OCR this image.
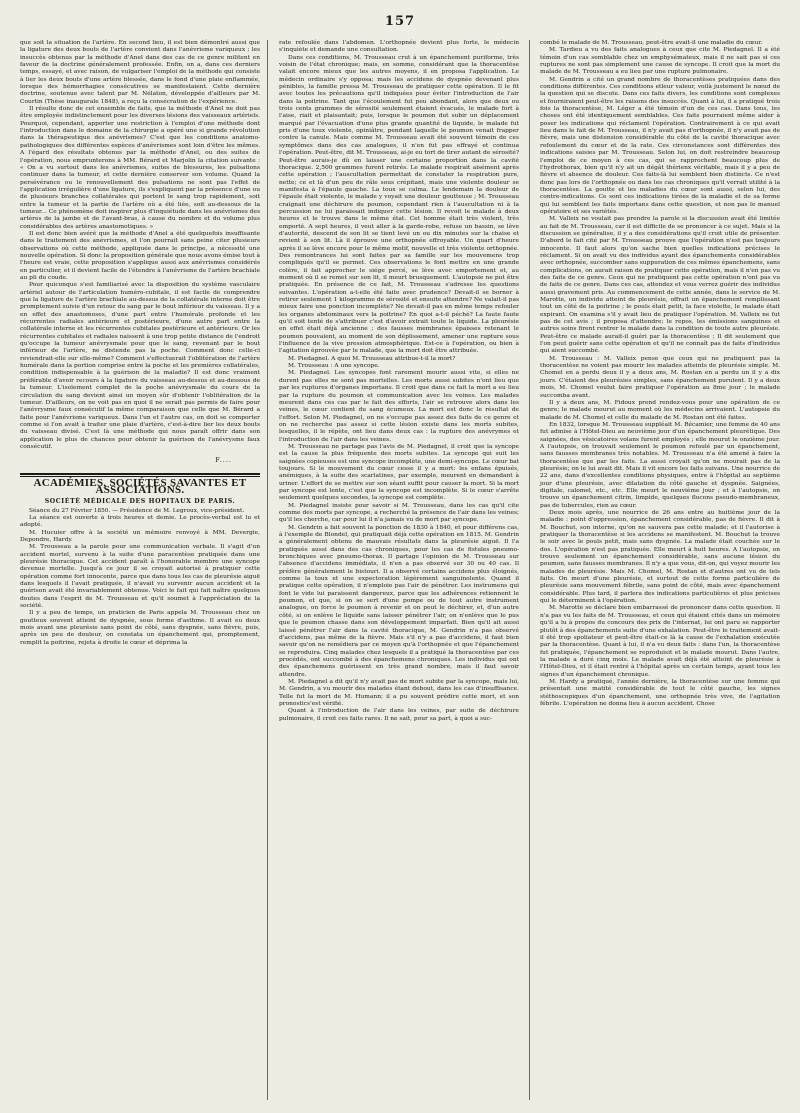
157

que soit la situation de l'artère. En second lieu, il est bien démontré aussi que la ligature des deux bouts de l'artère convient dans l'anévrisme variqueux ; les insuccès obtenus par la méthode d'Anel dans des cas de ce genre militent en faveur de la doctrine généralement professée. Enfin, on a, dans ces derniers temps, essayé, et avec raison, de vulgariser l'emploi de la méthode qui consiste à lier les deux bouts d'une artère blessée, dans le fond d'une plaie enflammée, lorsque des hémorrhagies consécutives se manifestaient. Cette dernière doctrine, soutenue avec talent par M. Nélaton, développée d'ailleurs par M. Courtin (Thèse inaugurale 1848), a reçu la consécration de l'expérience.

Il résulte donc de cet ensemble de faits, que la méthode d'Anel ne doit pas être employée indistinctement pour les diverses lésions des vaisseaux artériels. Pourquoi, cependant, apporter une restriction à l'emploi d'une méthode dont l'introduction dans le domaine de la chirurgie a opéré une si grande révolution dans la thérapeutique des anévrismes? C'est que les conditions anatomo-pathologiques des différentes espèces d'anévrismes sont loin d'être les mêmes. A l'égard des résultats obtenus par la méthode d'Anel, ou des suites de l'opération, nous emprunterons à MM. Bérard et Marjolin la citation suivante : « On a vu surtout dans les anévrismes, suites de blessures, les pulsations continuer dans la tumeur, et cette dernière conserver son volume. Quand la persévérance ou le renouvellement des pulsations ne sont pas l'effet de l'application irrégulière d'une ligature, ils s'expliquent par la présence d'une ou de plusieurs branches collatérales qui portent le sang trop rapidement, soit entre la tumeur et la partie de l'artère où a été liée, soit au-dessous de la tumeur... Ce phénomène doit inspirer plus d'inquiétude dans les anévrismes des artères de la jambe et de l'avant-bras, à cause du nombre et du volume plus considérables des artères anastomotiques. »

Il est donc bien avéré que la méthode d'Anel a été quelquefois insuffisante dans le traitement des anévrismes, et l'on pourrait sans peine citer plusieurs observations où cette méthode, appliquée dans le principe, a nécessité une nouvelle opération. Si donc la proposition générale que nous avons émise tout à l'heure est vraie, cette proposition s'applique aussi aux anévrismes considérés en particulier, et il devient facile de l'étendre à l'anévrisme de l'artère brachiale au pli du coude.

Pour quiconque s'est familiarisé avec la disposition du système vasculaire artériel autour de l'articulation huméro-cubitale, il est facile de comprendre que la ligature de l'artère brachiale au-dessus de la collatérale interne doit être promptement suivie d'un retour du sang par le bout inférieur du vaisseau. Il y a en effet des anastomoses, d'une part entre l'humérale profonde et les récurrentes radiales antérieure et postérieure, d'une autre part entre la collatérale interne et les récurrentes cubitales postérieure et antérieure. Or les récurrentes cubitales et radiales naissent à une trop petite distance de l'endroit qu'occupe la tumeur anévrysmale pour que le sang, revenant par le bout inférieur de l'artère, ne distende pas la poche. Comment donc celle-ci reviendrait-elle sur elle-même? Comment s'effectuerait l'oblitération de l'artère humérale dans la portion comprise entre la poche et les premières collatérales, condition indispensable à la guérison de la maladie? Il est donc vraiment préférable d'avoir recours à la ligature du vaisseau au-dessus et au-dessous de la tumeur. L'isolement complet de la poche anévrysmale du cours de la circulation du sang devient ainsi un moyen sûr d'obtenir l'oblitération de la tumeur. D'ailleurs, on ne voit pas en quoi il ne serait pas permis de faire pour l'anévrysme faux consécutif la même comparaison que celle que M. Bérard a faite pour l'anévrisme variqueux. Dans l'un et l'autre cas, on doit se comporter comme si l'on avait à traiter une plaie d'artère, c'est-à-dire lier les deux bouts du vaisseau divisé. C'est là une méthode qui nous paraît offrir dans son application le plus de chances pour obtenir la guérison de l'anévrysme faux consécutif.

F....
ACADÉMIES, SOCIÉTÉS SAVANTES ET ASSOCIATIONS.
SOCIÉTÉ MÉDICALE DES HOPITAUX DE PARIS.

Séance du 27 Février 1850. — Présidence de M. Legroux, vice-président.

La séance est ouverte à trois heures et demie. Le procès-verbal est lu et adopté.

M. Hucuier offre à la société un mémoire renvoyé à MM. Devergie, Depondre, Hardy.

M. Trousseau a la parole pour une communication verbale. Il s'agit d'un accident mortel, survenu à la suite d'une paracentèse pratiquée dans une pleurésie thoracique. Cet accident paraît à l'honorable membre une syncope devenue mortelle. Jusqu'à ce jour il se croyait autorisé à pratiquer cette opération comme fort innocente, parce que dans tous les cas de pleurésie aiguë dans lesquels il l'avait pratiquée, il n'avait vu survenir aucun accident et la guérison avait été invariablement obtenue. Voici le fait qui fait naître quelques doutes dans l'esprit de M. Trousseau et qu'il soumet à l'appréciation de la société.

Il y a peu de temps, un praticien de Paris appela M. Trousseau chez un goutteux souvent atteint de dyspnée, sous forme d'asthme. Il avait eu deux mois avant une pleurésie sans point de côté, sans dyspnée, sans fièvre, puis, après un peu de douleur, on constata un épanchement qui, promptement, remplit la poitrine, rejeta à droite le cœur et déprima la

rate refoulée dans l'abdomen. L'orthopnée devient plus forte, le médecin s'inquiète et demande une consultation.

Dans ces conditions, M. Trousseau crut à un épanchement puriforme, très voisin de l'état chronique; mais, en somme, considérant que la thoracentèse valait encore mieux que les autres moyens, il en proposa l'application. Le médecin ordinaire s'y opposa; mais les accidens de dyspnée devenant plus pénibles, la famille pressa M. Trousseau de pratiquer cette opération. Il le fit avec toutes les précautions qu'il indiquées pour éviter l'introduction de l'air dans la poitrine. Tant que l'écoulement fut peu abondant, alors que deux ou trois cents grammes de sérosité seulement étaient évacués, le malade fort à l'aise, riait et plaisantait; puis, lorsque le poumon dut subir un déplacement marqué par l'évacuation d'une plus grande quantité de liquide, le malade fut pris d'une toux violente, opiniâtre, pendant laquelle le poumon venait frapper contre la canule. Mais comme M. Trousseau avait été souvent témoin de ces symptômes dans des cas analogues, il n'en fut pas effrayé et continua l'opération. Peut-être, dit M. Trousseau, ai-je eu tort de tirer autant de sérosité? Peut-être aurais-je dû en laisser une certaine proportion dans la cavité thoracique. 2,500 grammes furent retirés. Le malade respirait aisément après cette opération ; l'auscultation permettait de constater la respiration pure, nette; ce et là d'un peu de râle sous crépitant, mais une violente douleur se manifesta à l'épaule gauche. La toux se calma. Le lendemain la douleur de l'épaule était violente, le malade y voyait une douleur goutteuse ; M. Trousseau craignait une déchirure du poumon, cependant rien à l'auscultation ni à la percussion ne lui paraissait indiquer cette lésion. Il revoit le malade à deux heures et le trouve dans le même état. Cet homme était très violent, très emporté. A sept heures, il veut aller à la garde-robe, refuse un bassin, se lève d'autorité, descend de son lit se tient levé un ou dix minutes sur la chaise et revient à son lit. Là il éprouve une orthopnée effroyable. Un quart d'heure après il se lève encore pour le même motif, nouvelle et très violente orthopnée. Des remontrances lui sont faites par sa famille sur les mouvemens trop compliqués qu'il se permet. Ces observations le font mettre en une grande colère, il fait approcher le siége percé, se lève avec emportement et, au moment où il se remet sur son lit, il meurt brusquement. L'autopsie ne put être pratiquée. En présence de ce fait, M. Trousseau s'adresse les questions suivantes. L'opération a-t-elle été faite avec prudence? Devait-il se borner à retirer seulement 1 kilogramme de sérosité et ensuite attendre? Ne valait-il pas mieux faire une ponction incomplète? Ne devait-il pas en même temps refouler les organes abdominaux vers la poitrine? En quoi a-t-il péché? La faute faute qu'il soit tenté de s'attribuer c'est d'avoir extrait toute le liquide. La pleurésie en effet était déjà ancienne ; des fausses membranes épaisses retenant le poumon pouvaient, au moment de son déplissement, amener une rupture sous l'influence de la vive pression atmosphérique. Est-ce à l'opération, ou bien à l'agitation éprouvée par le malade, que la mort doit être attribuée.

M. Piedagnel. A quoi M. Trousseau attribue-t-il la mort?

M. Trousseau : A une syncope.

M. Piedagnel. Les syncopes font rarement mourir aussi vite, si elles ne durent pas elles ne sont pas mortelles. Les morts aussi subites n'ont lieu que par les ruptures d'organes importans. Il croit que dans ce fait la mort a eu lieu par la rupture du poumon et communication avec les veines. Les malades meurent dans ces cas par le fait des efforts, l'air se retrouve alors dans les veines, le cœur contient du sang écumeux. La mort est donc le résultat de l'effort. Selon M. Piedagnel, on ne s'occupe pas assez des faits de ce genre et on ne recherche pas assez si cette lésion existe dans les morts subites, lesquelles, il le répète, ont lieu dans deux cas : la rupture des anévrymes et l'introduction de l'air dans les veines.

M. Trousseau ne partage pas l'avis de M. Piedagnel, il croit que la syncope est la cause la plus fréquente des morts subites. La syncope qui suit les saignées copieuses est une syncope incomplète, une demi-syncope. Le cœur bat toujours. Si le mouvement du cœur cesse il y a mort: les enfans épuisés, anémiques, à la suite des scarlatines, par exemple, meurent en demandant à uriner. L'effort de se mettre sur son séant suffit pour causer la mort. Si la mort par syncope est lente, c'est que la syncope est incomplète. Si le cœur s'arrête seulement quelques secondes, la syncope est complète.

M. Piedagnel insiste pour savoir si M. Trousseau, dans les cas qu'il cite comme des morts par syncope, a recherché la présence de l'air dans les veines; qu'il les cherche, car pour lui il n'a jamais vu de mort par syncope.

M. Gendrin a fait souvent la ponction de 1830 à 1840, et pour différens cas, à l'exemple de Blondel, qui pratiquait déjà cette opération en 1815. M. Gendrin a généralement obtenu de mauvais résultats dans la pleurésie aiguë. Il l'a pratiquée aussi dans des cas chroniques, pour les cas de fistules pneumo-bronchiques avec pneumo-thorax. Il partage l'opinion de M. Trousseau sur l'absence d'accidens immédiats, il n'en a pas observé sur 30 ou 40 cas. Il préfère généralement le bistouri. Il a observé certains accidens plus éloignés, comme la toux et une expectoration légèrement sanguinolente. Quand il pratique cette opération, il n'emploie pas l'air de pénétrer. Les instrumens qui font le vide lui paraissent dangereux, parce que les adhérences retiennent le poumon, et que, si on se sert d'une pompe ou de tout autre instrument analogue, on force le poumon à revenir et on peut le déchirer, et, d'un autre côté, si on enlève le liquide sans laisser pénétrer l'air, on n'enlève que le pus que le poumon chasse dans son développement imparfait. Bien qu'il ait aussi laissé pénétrer l'air dans la cavité thoracique, M. Gendrin n'a pas observé d'accidens, pas même de la fièvre. Mais s'il n'y a pas d'accidens, il faut bien savoir qu'on ne remédiera par ce moyen qu'à l'orthopnée et que l'épanchement se reproduira. Cinq malades chez lesquels il a pratiqué la thoracentèse par ces procédés, ont succombé à des épanchemens chroniques. Les individus qui ont des épanchemens guérissent en très grand nombre, mais il faut savoir attendre.

M. Piedagnel a dit qu'il n'y avait pas de mort subite par la syncope, mais lui, M. Gendrin, a vu mourir des malades étant debout, dans les cas d'insuffisance. Telle fut la mort de M. Humann; il a pu souvent prédire cette mort, et son pronostics'est vérifié.

Quant à l'introduction de l'air dans les veines, par suite de déchirure pulmonaire, il croit ces faits rares. Il ne sait, pour sa part, à quoi a suc-

combé le malade de M. Trousseau, peut-être avait-il une maladie du cœur.

M. Tardieu a vu des faits analogues à ceux que cite M. Piedagnel. Il a été témoin d'un cas semblable chez un emphysémateux, mais il ne sait pas si ces ruptures ne sont pas simplement une cause de syncope. Il croit que la mort du malade de M. Trousseau a eu lieu par une rupture pulmonaire.

M. Gendrin a cité un grand nombre de thoracentèses pratiquées dans des conditions différentes. Ces conditions etleur valeur, voilà justement le nœud de la question qui se discute. Dans ces faits divers, les conditions sont complexes et fourniraient peut-être les raisons des insuccès. Quant à lui, il a pratiqué trois fois la thoracentèse, M. Léger a été témoin d'un de ces cas. Dans tous, les choses ont été identiquement semblables. Ces faits pourraient même aider à poser les indications qui réclament l'opération. Contrairement à ce qui avait lieu dans le fait de M. Trousseau, il n'y avait pas d'orthopnée, il n'y avait pas de fièvre, mais une distension considérable du côté de la cavité thoracique avec refoulement du cœur et de la rate. Ces circonstances sont différentes des indications saisies par M. Trousseau. Selon lui, on doit restreindre beaucoup l'emploi de ce moyen à ces cas, qui se rapprochent beaucoup plus de l'hydrothorax, bien qu'il n'y ait un dégât thérienx véritable, mais il y a peu de fièvre et absence de douleur. Ces faits-là lui semblent bien distincts. Ce n'est donc pas lors de l'orthopnée ou dans les cas chroniques qu'il verrait utilité à la thoracentèse. La goutte et les maladies du cœur sont aussi, selon lui, des contre-indications. Ce sont ces indications tirées de la maladie et de sa forme qui lui semblent les faits importans dans cette question, et non pas le manuel opératoire et ses variétés.

M. Valleix ne voulait pas prendre la parole si la discussion avait été limitée au fait de M. Trousseau, car il est difficile de se prononcer à ce sujet. Mais si la discussion se généralise, il y a des considérations qu'il croit utile de présenter. D'abord le fait cité par M. Trousseau prouve que l'opération n'est pas toujours innocente. Il faut alors qu'on sache bien quelles indications précises le réclament. Si on avait vu des individus ayant des épanchements considérables avec orthopnée, succomber sans suppuration de ces mêmes épanchemens, sans complications, on aurait raison de pratiquer cette opération, mais il n'en pas vu des faits de ce genre. Ceux qui ne pratiquent pas cette opération n'ont pas vu de faits de ce genre. Dans ces cas, attendez et vous verrez guérir des individus aussi gravement pris. Au commencement de cette année, dans le service de M. Marotte, un individu atteint de pleurésie, offrait un épanchement remplissant tout un côté de la poitrine ; le pouls était petit, la face violette, le malade était expirant. On examina s'il y avait lieu de pratiquer l'opération. M. Valleix ne fut pas de cet avis ; il proposa d'attendre; le repos, les émissions sanguines et autres soins firent rentrer le malade dans la condition de toute autre pleurésie. Peut-être ce malade aurait-il guéri par la thoracentèse ; Il dit seulement que l'on peut guérir sans cette opération et qu'il ne connaît pas de faits d'individus qui aient succombé.

M. Trousseau : M. Valleix pense que ceux qui ne pratiquent pas la thoracentèse ne voient pas mourir les malades atteints de pleurésie simple. M. Chomel en a perdu deux il y a deux ans, M. Rostan en a perdu un il y a dix jours. C'étaient des pleurésies simples, sans épanchement purulent. Il y a deux mois, M. Chomel voulut faire pratiquer l'opération au 8me jour ; le malade succomba avant.

Il y a deux ans, M. Fidoux prend rendez-vous pour une opération de ce genre; le malade mourut au moment où les médecins arrivaient. L'autopsie du malade de M. Chomel et celle du malade de M. Rostan ont été faites.

En 1832, lorsque M. Trousseau suppléait M. Récamier, une femme de 40 ans fut admise à l'Hôtel-Dieu au neuvième jour d'un épanchement pleurétique. Des saignées, des vésicatoires volans furent employés ; elle mourut le onzième jour. A l'autopsie, on trouvait seulement le poumon refoulé par un épanchement, sans fausses membranes très notables. M. Trousseau n'a été amené à faire la thoracentèse que par les faits. La aussi croyait qu'on ne mourait pas de la pleurésie; on le lui avait dit. Mais il vit encore les faits suivans. Une nourrice de 22 ans, dans d'excellentes conditions physiques, entre à l'hôpital au septième jour d'une pleurésie, avec dilatation du côté gauche et dyspnée. Saignées, digitale, calomel, etc., etc. Elle meurt le neuvième jour ; et à l'autopsie, on trouve un épanchement citrin, limpide, quelques flocons pseudo-membraneux, pas de tubercules, rien au cœur.

Deux mois après, une nourrice de 26 ans entre au huitième jour de la maladie : point d'oppression, épanchement considérable, pas de fièvre. Il dit à M. Bouchut, son interne, qu'on ne sauvera pas cette malade; et il l'autorise à pratiquer la thoracentèse si les accidens se manifestent. M. Bouchut la trouve le soir avec le pouls petit, mais sans dyspnée. La malade était couchée sur le dos. L'opération n'est pas pratiquée. Elle meurt à huit heures. A l'autopsie, on trouve seulement un épanchement considérable, sans aucune lésion du poumon, sans fausses membranes. Il n'y a que vous, dit-on, qui voyez mourir les malades de pleurésie. Mais M. Chomel, M. Rostan et d'autres ont vu de tels faits. On meurt d'une pleurésie, et surtout de cette forme particulière de pleurésie sans mouvement fébrile, sans point de côté, mais avec épanchement considérable. Plus tard, il parlera des indications particulières et plus précises qui le déterminent à l'opération.

M. Marotte se déclare bien embarrassé de prononcer dans cette question. Il n'a pas vu les faits de M. Trousseau, et ceux qui étaient cités dans un mémoire qu'il a lu à propos du concours des prix de l'internat, lui ont paru se rapporter plutôt à des épanchements suite d'une exhalation. Peut-être le traitement avait-il été trop spoliateur et peut-être était-ce là la cause de l'exhalation exécutée par la thoracentèse. Quant à lui, il n'a vu deux faits : dans l'un, la thoracentèse fut pratiquée, l'épanchement se reproduisit et le malade mourut. Dans l'autre, la malade a duré cinq mois. Le malade avait déjà été atteint de pleurésie à l'Hôtel-Dieu, et il était rentré à l'hôpital après un certain temps, ayant tous les signes d'un épanchement chronique.

M. Hardy a pratiqué, l'année dernière, la thoracentèse sur une femme qui présentait une matité considérable de tout le côté gauche, les signes stéthoscopiques d'un épanchement, une orthopnée très vive, de l'agitation fébrile. L'opération ne donna lieu à aucun accident. Chose
